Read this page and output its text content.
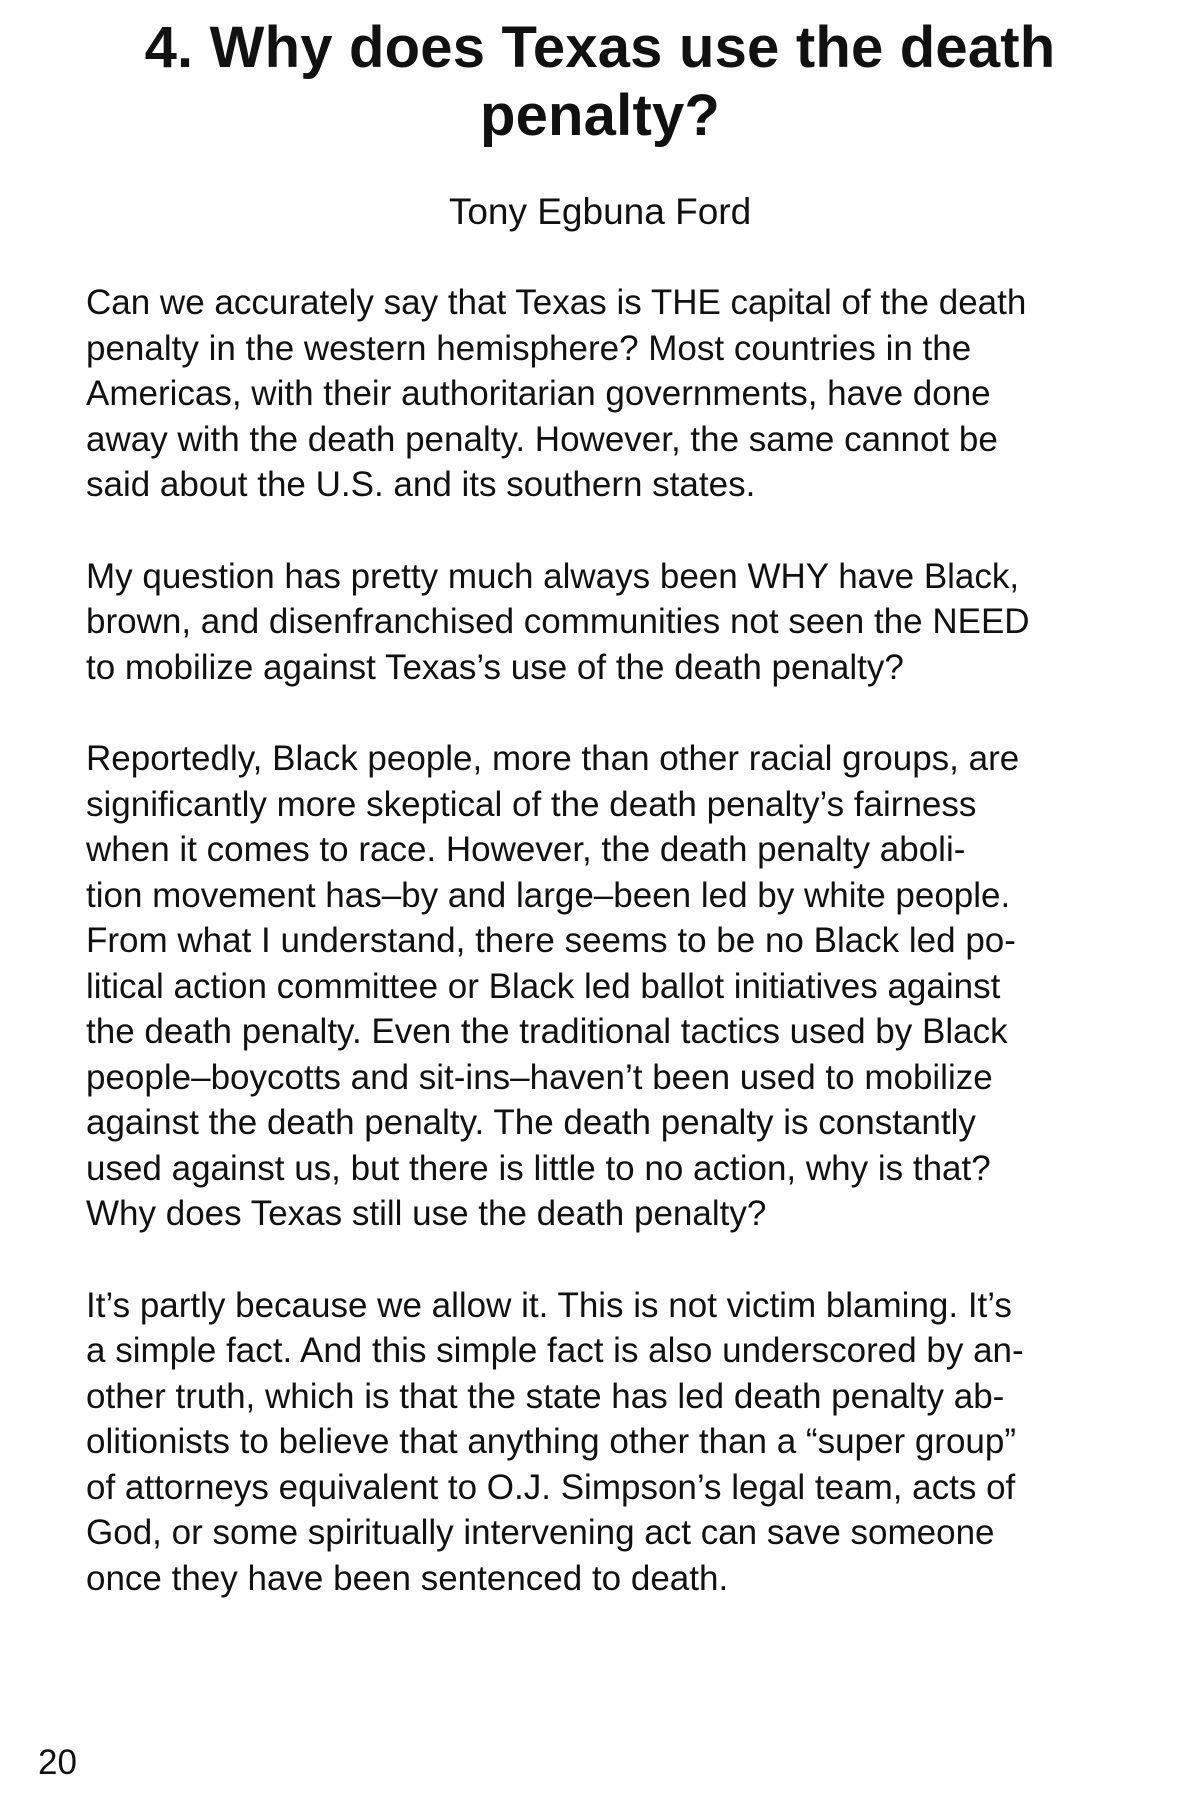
4. Why does Texas use the death penalty?
Tony Egbuna Ford

Can we accurately say that Texas is THE capital of the death
penalty in the western hemisphere? Most countries in the
Americas, with their authoritarian governments, have done
away with the death penalty. However, the same cannot be
said about the U.S. and its southern states.

My question has pretty much always been WHY have Black,
brown, and disenfranchised communities not seen the NEED
to mobilize against Texas’s use of the death penalty?

Reportedly, Black people, more than other racial groups, are
significantly more skeptical of the death penalty’s fairness
when it comes to race. However, the death penalty aboli-
tion movement has–by and large–been led by white people.
From what I understand, there seems to be no Black led po-
litical action committee or Black led ballot initiatives against
the death penalty. Even the traditional tactics used by Black
people–boycotts and sit-ins–haven’t been used to mobilize
against the death penalty. The death penalty is constantly
used against us, but there is little to no action, why is that?
Why does Texas still use the death penalty?

It’s partly because we allow it. This is not victim blaming. It’s
a simple fact. And this simple fact is also underscored by an-
other truth, which is that the state has led death penalty ab-
olitionists to believe that anything other than a “super group”
of attorneys equivalent to O.J. Simpson’s legal team, acts of
God, or some spiritually intervening act can save someone
once they have been sentenced to death.

20
